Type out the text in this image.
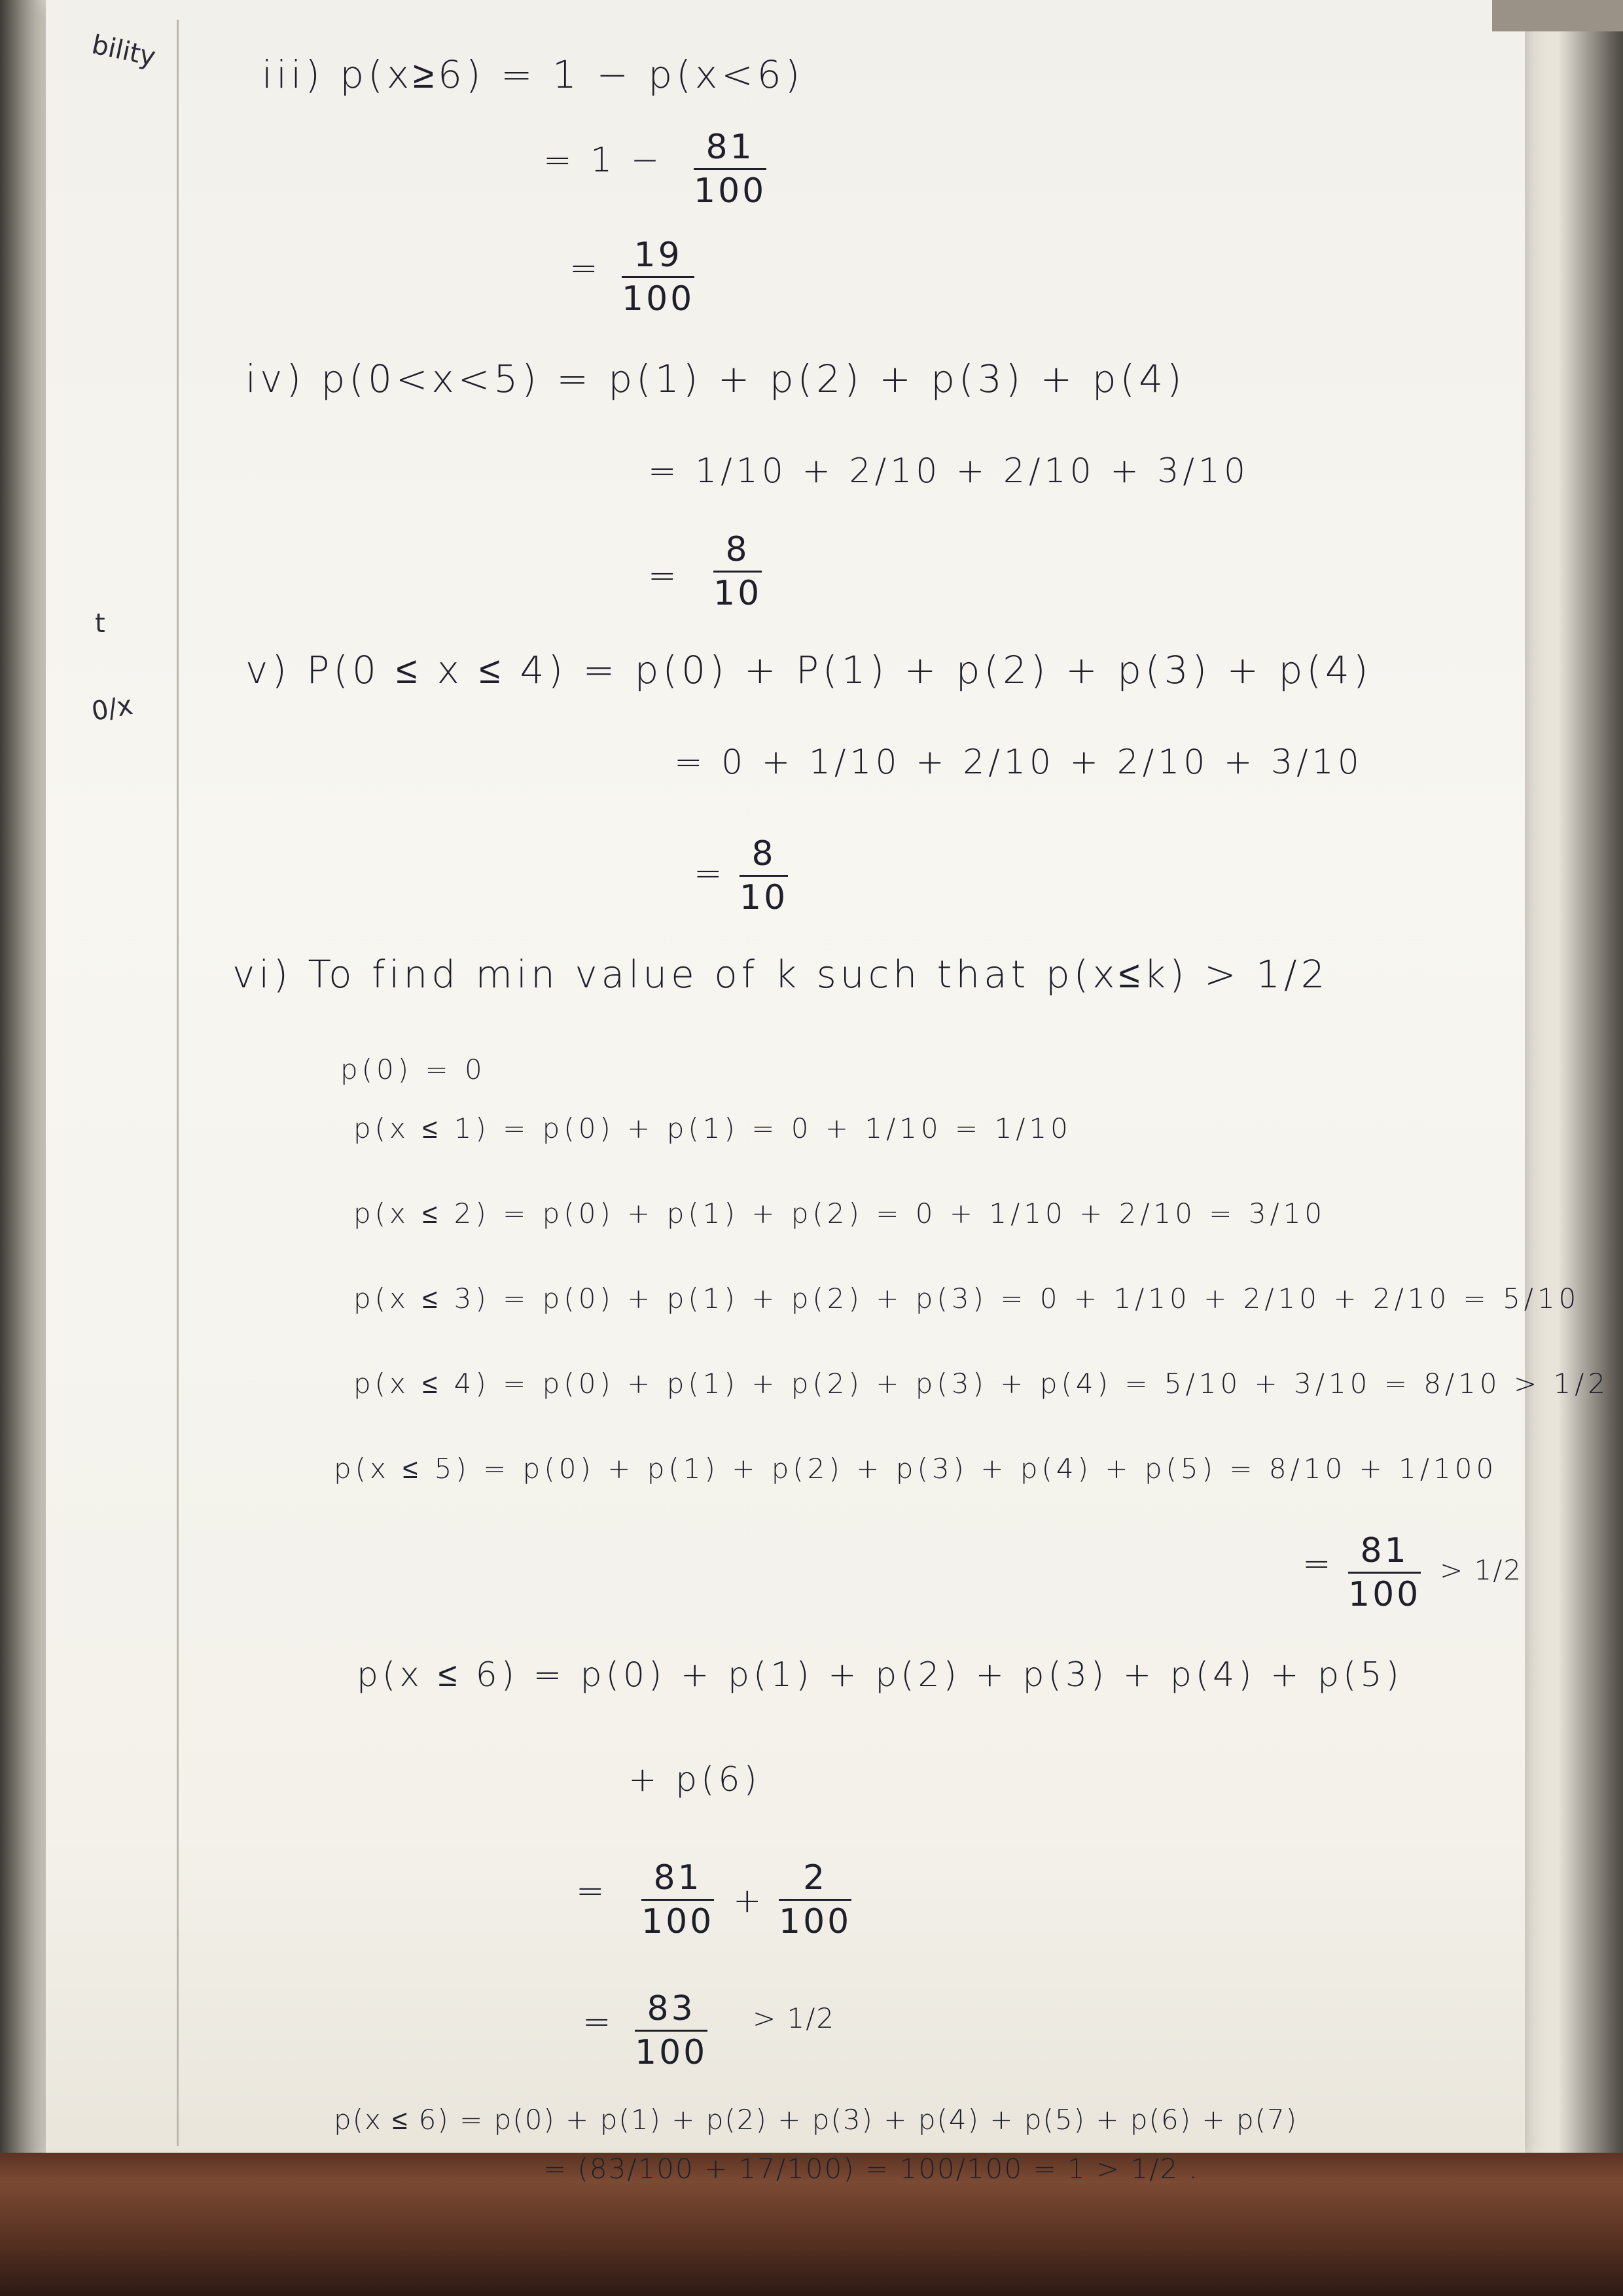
bility
t
0/x
iii) p(x≥6) = 1 − p(x<6)
= $1 - \frac{81}{100}$
= $\frac{19}{100}$
iv) p(0<x<5) = p(1) + p(2) + p(3) + p(4)
= 1/10 + 2/10 + 2/10 + 3/10
= $\frac{8}{10}$
v) P(0 ≤ x ≤ 4) = p(0) + P(1) + p(2) + p(3) + p(4)
= 0 + 1/10 + 2/10 + 2/10 + 3/10
= $\frac{8}{10}$
vi) To find min value of k such that p(x≤k) > 1/2
p(0) = 0
p(x ≤ 1) = p(0) + p(1) = 0 + 1/10 = 1/10
p(x ≤ 2) = p(0) + p(1) + p(2) = 0 + 1/10 + 2/10 = 3/10
p(x ≤ 3) = p(0) + p(1) + p(2) + p(3) = 0 + 1/10 + 2/10 + 2/10 = 5/10
p(x ≤ 4) = p(0) + p(1) + p(2) + p(3) + p(4) = 5/10 + 3/10 = 8/10 > 1/2
p(x ≤ 5) = p(0) + p(1) + p(2) + p(3) + p(4) + p(5) = 8/10 + 1/100
= $\frac{81}{100} > 1/2$
p(x ≤ 6) = p(0) + p(1) + p(2) + p(3) + p(4) + p(5)
+ p(6)
= $\frac{81}{100} + \frac{2}{100}$
= $\frac{83}{100} > 1/2$
p(x ≤ 6) = p(0) + p(1) + p(2) + p(3) + p(4) + p(5) + p(6) + p(7)
= (83/100 + 17/100) = 100/100 = 1 > 1/2 .
